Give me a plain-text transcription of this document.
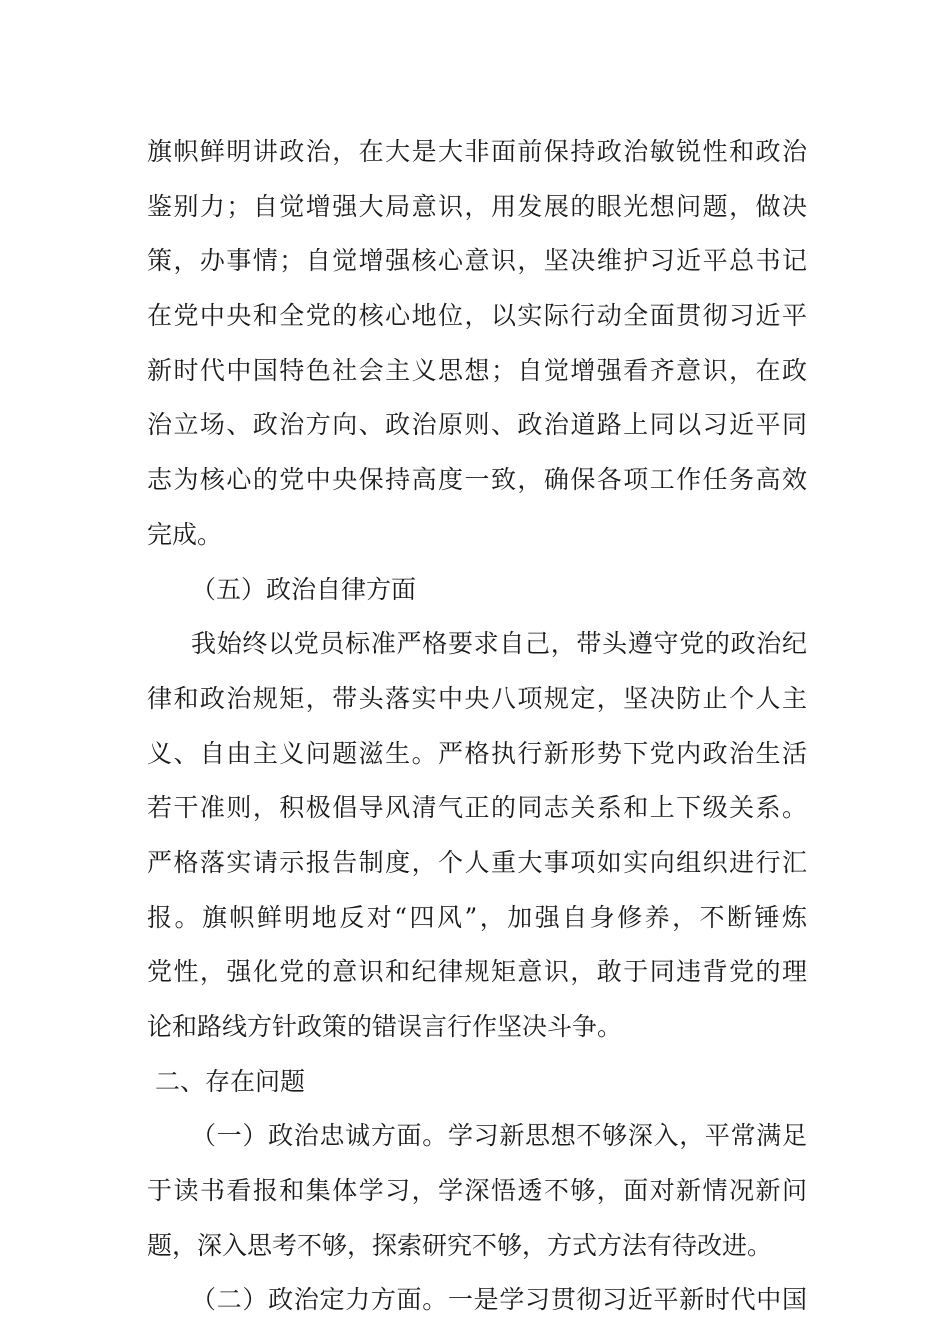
旗帜鲜明讲政治，在大是大非面前保持政治敏锐性和政治
鉴别力；自觉增强大局意识，用发展的眼光想问题，做决
策，办事情；自觉增强核心意识，坚决维护习近平总书记
在党中央和全党的核心地位，以实际行动全面贯彻习近平
新时代中国特色社会主义思想；自觉增强看齐意识，在政
治立场、政治方向、政治原则、政治道路上同以习近平同
志为核心的党中央保持高度一致，确保各项工作任务高效
完成。
（五）政治自律方面
我始终以党员标准严格要求自己，带头遵守党的政治纪
律和政治规矩，带头落实中央八项规定，坚决防止个人主
义、自由主义问题滋生。严格执行新形势下党内政治生活
若干准则，积极倡导风清气正的同志关系和上下级关系。
严格落实请示报告制度，个人重大事项如实向组织进行汇
报。旗帜鲜明地反对“四风”，加强自身修养，不断锤炼
党性，强化党的意识和纪律规矩意识，敢于同违背党的理
论和路线方针政策的错误言行作坚决斗争。
二、存在问题
（一）政治忠诚方面。学习新思想不够深入，平常满足
于读书看报和集体学习，学深悟透不够，面对新情况新问
题，深入思考不够，探索研究不够，方式方法有待改进。
（二）政治定力方面。一是学习贯彻习近平新时代中国
